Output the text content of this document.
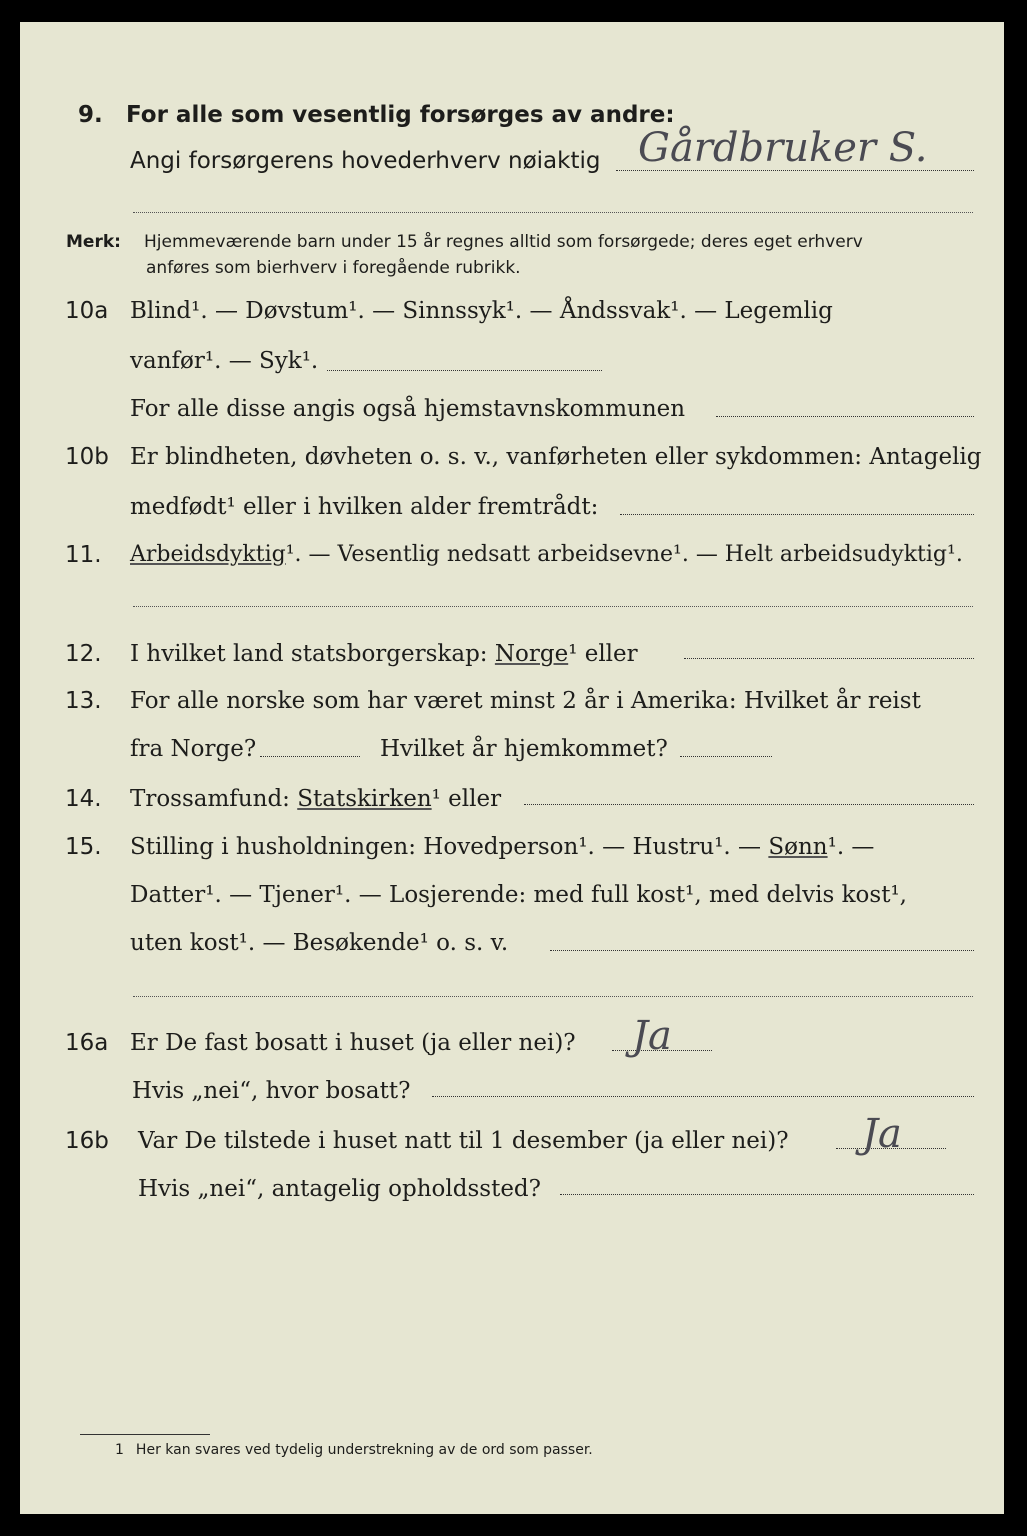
9. For alle som vesentlig forsørges av andre:
Angi forsørgerens hovederhverv nøiaktig Gårdbruker S.
Merk: Hjemmeværende barn under 15 år regnes alltid som forsørgede; deres eget erhverv
anføres som bierhverv i foregående rubrikk.
10a Blind¹. — Døvstum¹. — Sinnssyk¹. — Åndssvak¹. — Legemlig
vanfør¹. — Syk¹.
For alle disse angis også hjemstavnskommunen
10b Er blindheten, døvheten o. s. v., vanførheten eller sykdommen: Antagelig
medfødt¹ eller i hvilken alder fremtrådt:
11. Arbeidsdyktig¹. — Vesentlig nedsatt arbeidsevne¹. — Helt arbeidsudyktig¹.
12. I hvilket land statsborgerskap: Norge¹ eller
13. For alle norske som har været minst 2 år i Amerika: Hvilket år reist
fra Norge?	Hvilket år hjemkommet?
14. Trossamfund: Statskirken¹ eller
15. Stilling i husholdningen: Hovedperson¹. — Hustru¹. — Sønn¹. —
Datter¹. — Tjener¹. — Losjerende: med full kost¹, med delvis kost¹,
uten kost¹. — Besøkende¹ o. s. v.
16a Er De fast bosatt i huset (ja eller nei)? Ja
Hvis „nei“, hvor bosatt?
16b Var De tilstede i huset natt til 1 desember (ja eller nei)? Ja
Hvis „nei“, antagelig opholdssted?
1 Her kan svares ved tydelig understrekning av de ord som passer.
